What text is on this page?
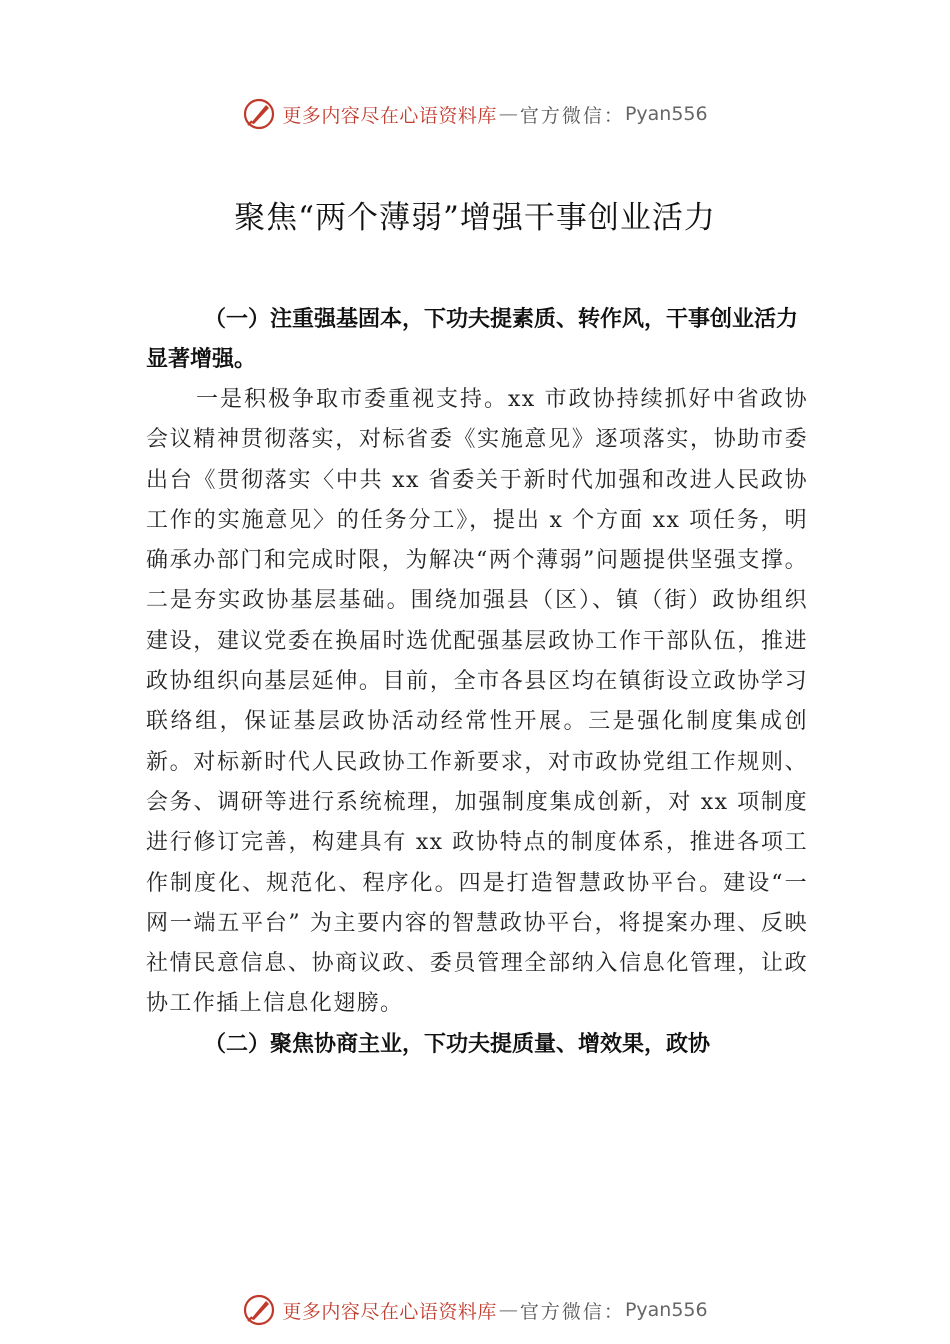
更多内容尽在心语资料库 — 官方微信： Pyan556
聚焦“两个薄弱”增强干事创业活力

（一）注重强基固本，下功夫提素质、转作风，干事创业活力显著增强。

一是积极争取市委重视支持。xx 市政协持续抓好中省政协会议精神贯彻落实，对标省委《实施意见》逐项落实，协助市委出台《贯彻落实〈中共 xx 省委关于新时代加强和改进人民政协工作的实施意见〉的任务分工》，提出 x 个方面 xx 项任务，明确承办部门和完成时限，为解决“两个薄弱”问题提供坚强支撑。二是夯实政协基层基础。围绕加强县（区）、镇（街）政协组织建设，建议党委在换届时选优配强基层政协工作干部队伍，推进政协组织向基层延伸。目前，全市各县区均在镇街设立政协学习联络组，保证基层政协活动经常性开展。三是强化制度集成创新。对标新时代人民政协工作新要求，对市政协党组工作规则、会务、调研等进行系统梳理，加强制度集成创新，对 xx 项制度进行修订完善，构建具有 xx 政协特点的制度体系，推进各项工作制度化、规范化、程序化。四是打造智慧政协平台。建设“一网一端五平台” 为主要内容的智慧政协平台，将提案办理、反映社情民意信息、协商议政、委员管理全部纳入信息化管理，让政协工作插上信息化翅膀。

（二）聚焦协商主业，下功夫提质量、增效果，政协

更多内容尽在心语资料库 — 官方微信： Pyan556
